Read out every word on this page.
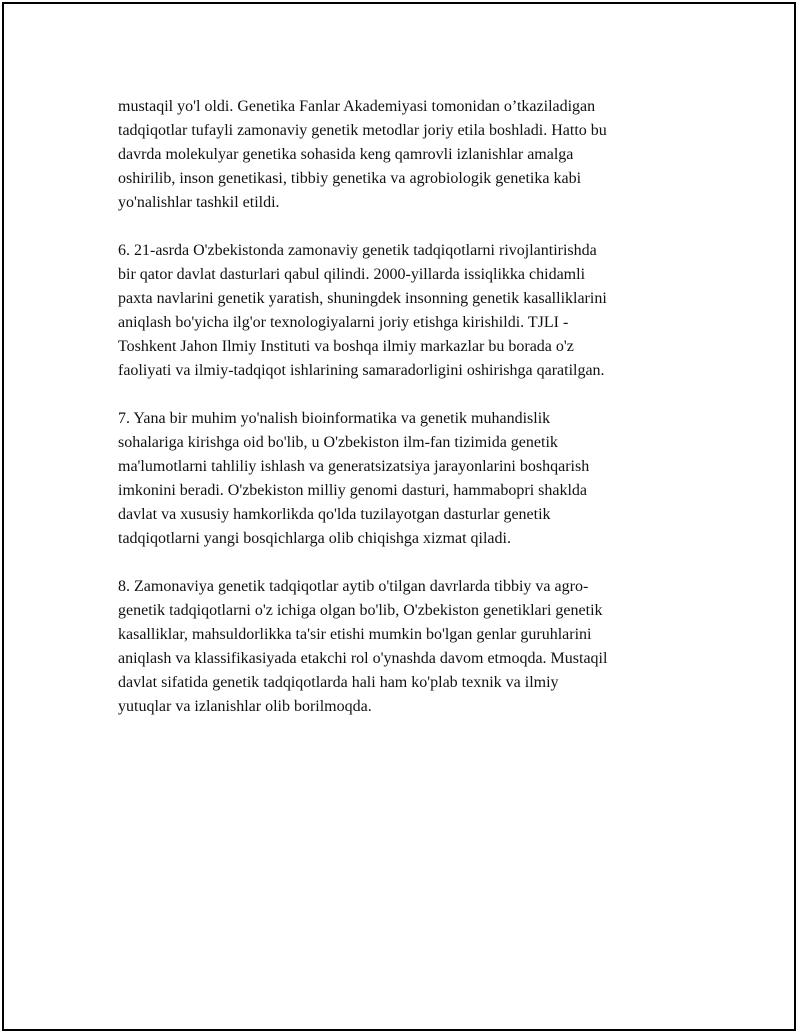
mustaqil yo'l oldi. Genetika Fanlar Akademiyasi tomonidan o’tkaziladigan
tadqiqotlar tufayli zamonaviy genetik metodlar joriy etila boshladi. Hatto bu
davrda molekulyar genetika sohasida keng qamrovli izlanishlar amalga
oshirilib, inson genetikasi, tibbiy genetika va agrobiologik genetika kabi
yo'nalishlar tashkil etildi.

6. 21-asrda O'zbekistonda zamonaviy genetik tadqiqotlarni rivojlantirishda
bir qator davlat dasturlari qabul qilindi. 2000-yillarda issiqlikka chidamli
paxta navlarini genetik yaratish, shuningdek insonning genetik kasalliklarini
aniqlash bo'yicha ilg'or texnologiyalarni joriy etishga kirishildi. TJLI -
Toshkent Jahon Ilmiy Instituti va boshqa ilmiy markazlar bu borada o'z
faoliyati va ilmiy-tadqiqot ishlarining samaradorligini oshirishga qaratilgan.

7. Yana bir muhim yo'nalish bioinformatika va genetik muhandislik
sohalariga kirishga oid bo'lib, u O'zbekiston ilm-fan tizimida genetik
ma'lumotlarni tahliliy ishlash va generatsizatsiya jarayonlarini boshqarish
imkonini beradi. O'zbekiston milliy genomi dasturi, hammabopri shaklda
davlat va xususiy hamkorlikda qo'lda tuzilayotgan dasturlar genetik
tadqiqotlarni yangi bosqichlarga olib chiqishga xizmat qiladi.

8. Zamonaviya genetik tadqiqotlar aytib o'tilgan davrlarda tibbiy va agro-
genetik tadqiqotlarni o'z ichiga olgan bo'lib, O'zbekiston genetiklari genetik
kasalliklar, mahsuldorlikka ta'sir etishi mumkin bo'lgan genlar guruhlarini
aniqlash va klassifikasiyada etakchi rol o'ynashda davom etmoqda. Mustaqil
davlat sifatida genetik tadqiqotlarda hali ham ko'plab texnik va ilmiy
yutuqlar va izlanishlar olib borilmoqda.
